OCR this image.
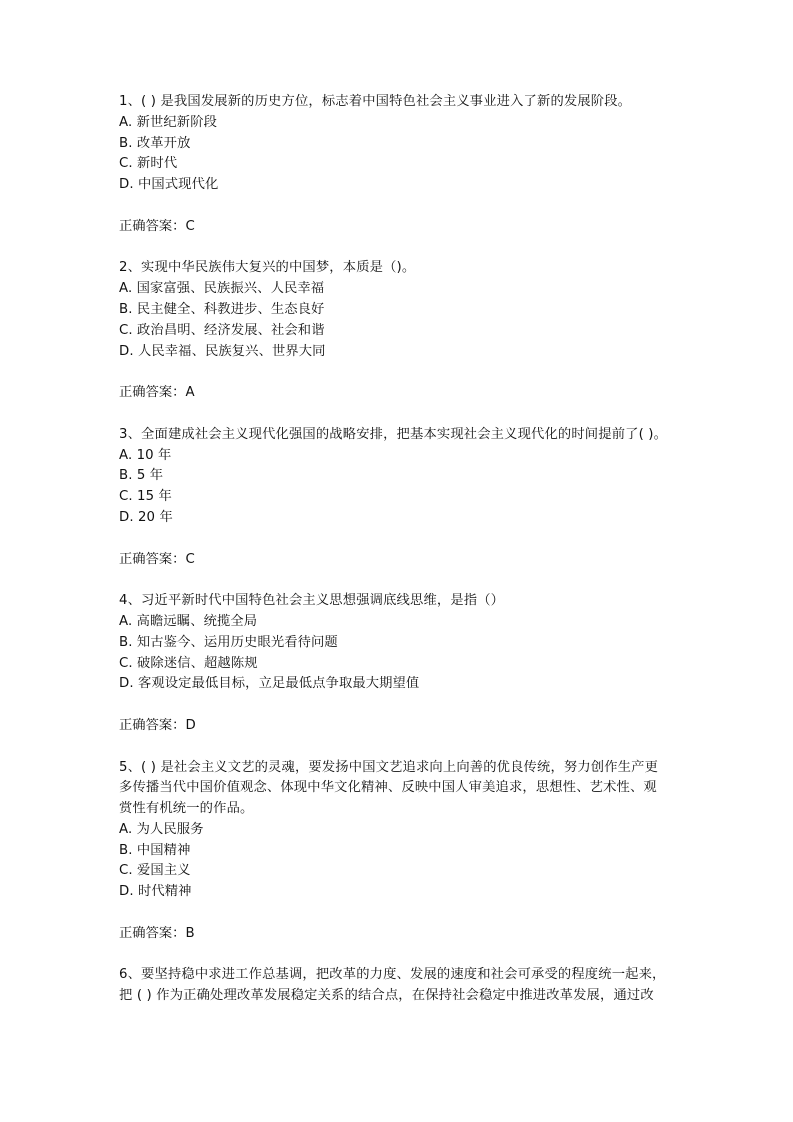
1、( ) 是我国发展新的历史方位，标志着中国特色社会主义事业进入了新的发展阶段。
A. 新世纪新阶段
B. 改革开放
C. 新时代
D. 中国式现代化
正确答案：C
2、实现中华民族伟大复兴的中国梦，本质是（)。
A. 国家富强、民族振兴、人民幸福
B. 民主健全、科教进步、生态良好
C. 政治昌明、经济发展、社会和谐
D. 人民幸福、民族复兴、世界大同
正确答案：A
3、全面建成社会主义现代化强国的战略安排，把基本实现社会主义现代化的时间提前了( )。
A. 10 年
B. 5 年
C. 15 年
D. 20 年
正确答案：C
4、习近平新时代中国特色社会主义思想强调底线思维，是指（）
A. 高瞻远瞩、统揽全局
B. 知古鉴今、运用历史眼光看待问题
C. 破除迷信、超越陈规
D. 客观设定最低目标，立足最低点争取最大期望值
正确答案：D
5、( ) 是社会主义文艺的灵魂，要发扬中国文艺追求向上向善的优良传统，努力创作生产更
多传播当代中国价值观念、体现中华文化精神、反映中国人审美追求，思想性、艺术性、观
赏性有机统一的作品。
A. 为人民服务
B. 中国精神
C. 爱国主义
D. 时代精神
正确答案：B
6、要坚持稳中求进工作总基调，把改革的力度、发展的速度和社会可承受的程度统一起来，
把 ( ) 作为正确处理改革发展稳定关系的结合点，在保持社会稳定中推进改革发展，通过改
